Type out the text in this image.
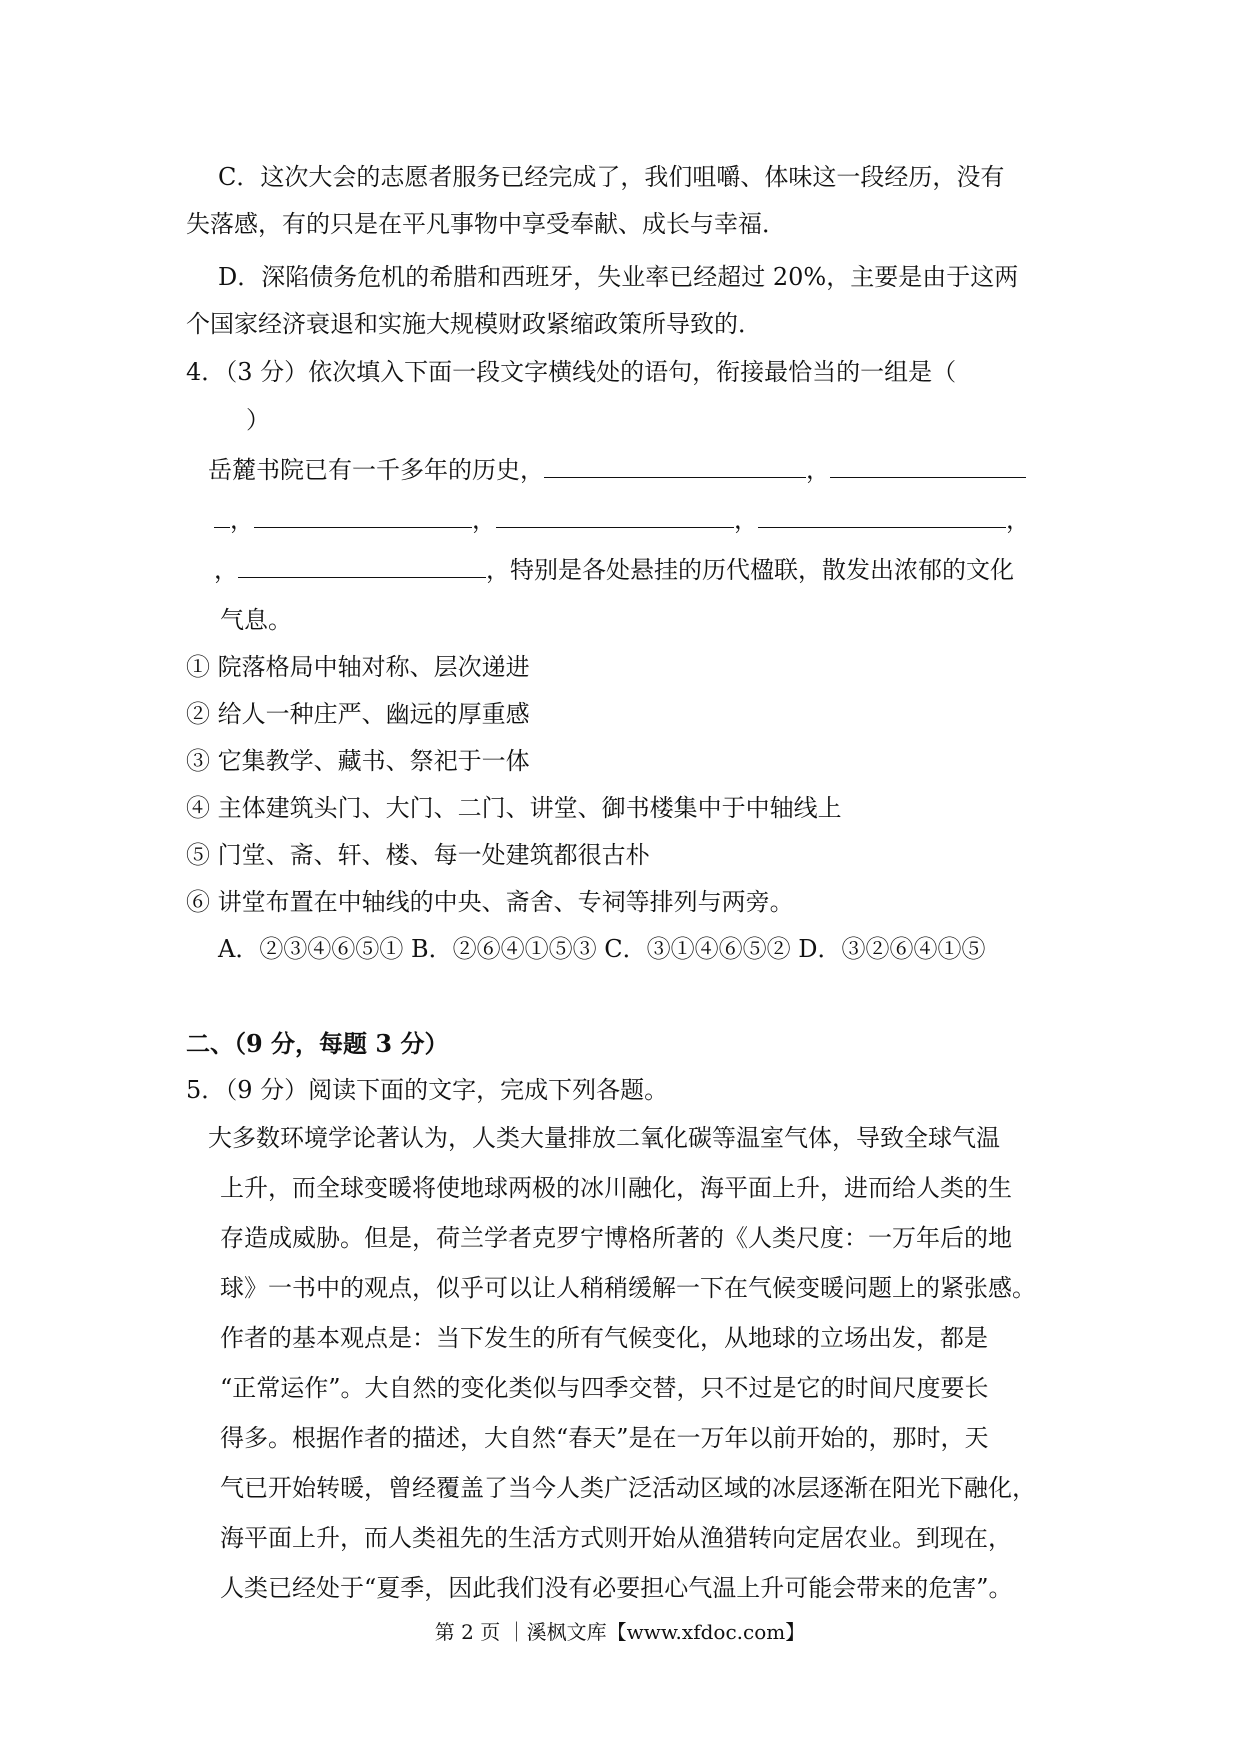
C．这次大会的志愿者服务已经完成了，我们咀嚼、体味这一段经历，没有
失落感，有的只是在平凡事物中享受奉献、成长与幸福．
D．深陷债务危机的希腊和西班牙，失业率已经超过 20%，主要是由于这两
个国家经济衰退和实施大规模财政紧缩政策所导致的．
4．（3 分）依次填入下面一段文字横线处的语句，衔接最恰当的一组是（
）
岳麓书院已有一千多年的历史，	，
，	，	，	，
，	，特别是各处悬挂的历代楹联，散发出浓郁的文化
气息。
① 院落格局中轴对称、层次递进
② 给人一种庄严、幽远的厚重感
③ 它集教学、藏书、祭祀于一体
④ 主体建筑头门、大门、二门、讲堂、御书楼集中于中轴线上
⑤ 门堂、斋、轩、楼、每一处建筑都很古朴
⑥ 讲堂布置在中轴线的中央、斋舍、专祠等排列与两旁。
A．②③④⑥⑤① B．②⑥④①⑤③ C．③①④⑥⑤② D．③②⑥④①⑤
二、（9 分，每题 3 分）
5．（9 分）阅读下面的文字，完成下列各题。
大多数环境学论著认为，人类大量排放二氧化碳等温室气体，导致全球气温
上升，而全球变暖将使地球两极的冰川融化，海平面上升，进而给人类的生
存造成威胁。但是，荷兰学者克罗宁博格所著的《人类尺度：一万年后的地
球》一书中的观点，似乎可以让人稍稍缓解一下在气候变暖问题上的紧张感。
作者的基本观点是：当下发生的所有气候变化，从地球的立场出发，都是
“正常运作”。大自然的变化类似与四季交替，只不过是它的时间尺度要长
得多。根据作者的描述，大自然“春天”是在一万年以前开始的，那时，天
气已开始转暖，曾经覆盖了当今人类广泛活动区域的冰层逐渐在阳光下融化，
海平面上升，而人类祖先的生活方式则开始从渔猎转向定居农业。到现在，
人类已经处于“夏季，因此我们没有必要担心气温上升可能会带来的危害”。
第 2 页 ｜溪枫文库【www.xfdoc.com】
